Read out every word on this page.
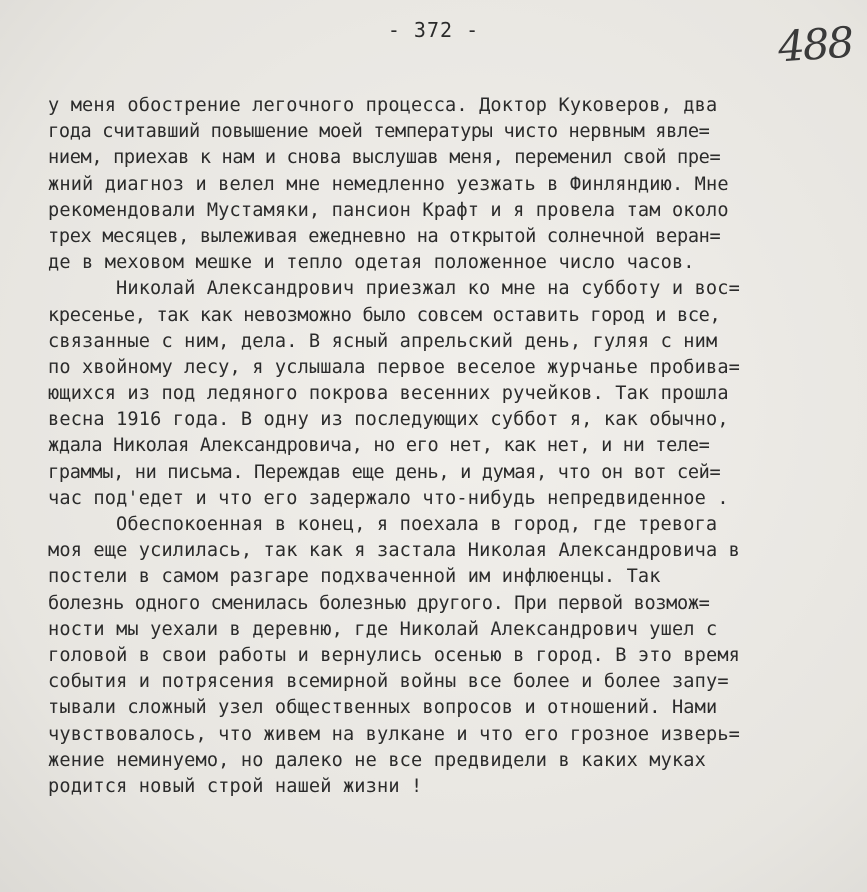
- 372 -	488
у меня обострение легочного процесса. Доктор Куковеров, два
года считавший повышение моей температуры чисто нервным явле=
нием, приехав к нам и снова выслушав меня, переменил свой пре=
жний диагноз и велел мне немедленно уезжать в Финляндию. Мне
рекомендовали Мустамяки, пансион Крафт и я провела там около
трех месяцев, вылеживая ежедневно на открытой солнечной веран=
де в меховом мешке и тепло одетая положенное число часов.
Николай Александрович приезжал ко мне на субботу и вос=
кресенье, так как невозможно было совсем оставить город и все,
связанные с ним, дела. В ясный апрельский день, гуляя с ним
по хвойному лесу, я услышала первое веселое журчанье пробива=
ющихся из под ледяного покрова весенних ручейков. Так прошла
весна 1916 года. В одну из последующих суббот я, как обычно,
ждала Николая Александровича, но его нет, как нет, и ни теле=
граммы, ни письма. Переждав еще день, и думая, что он вот сей=
час под'едет и что его задержало что-нибудь непредвиденное .
Обеспокоенная в конец, я поехала в город, где тревога
моя еще усилилась, так как я застала Николая Александровича в
постели в самом разгаре подхваченной им инфлюенцы. Так
болезнь одного сменилась болезнью другого. При первой возмож=
ности мы уехали в деревню, где Николай Александрович ушел с
головой в свои работы и вернулись осенью в город. В это время
события и потрясения всемирной войны все более и более запу=
тывали сложный узел общественных вопросов и отношений. Нами
чувствовалось, что живем на вулкане и что его грозное изверь=
жение неминуемо, но далеко не все предвидели в каких муках
родится новый строй нашей жизни !
